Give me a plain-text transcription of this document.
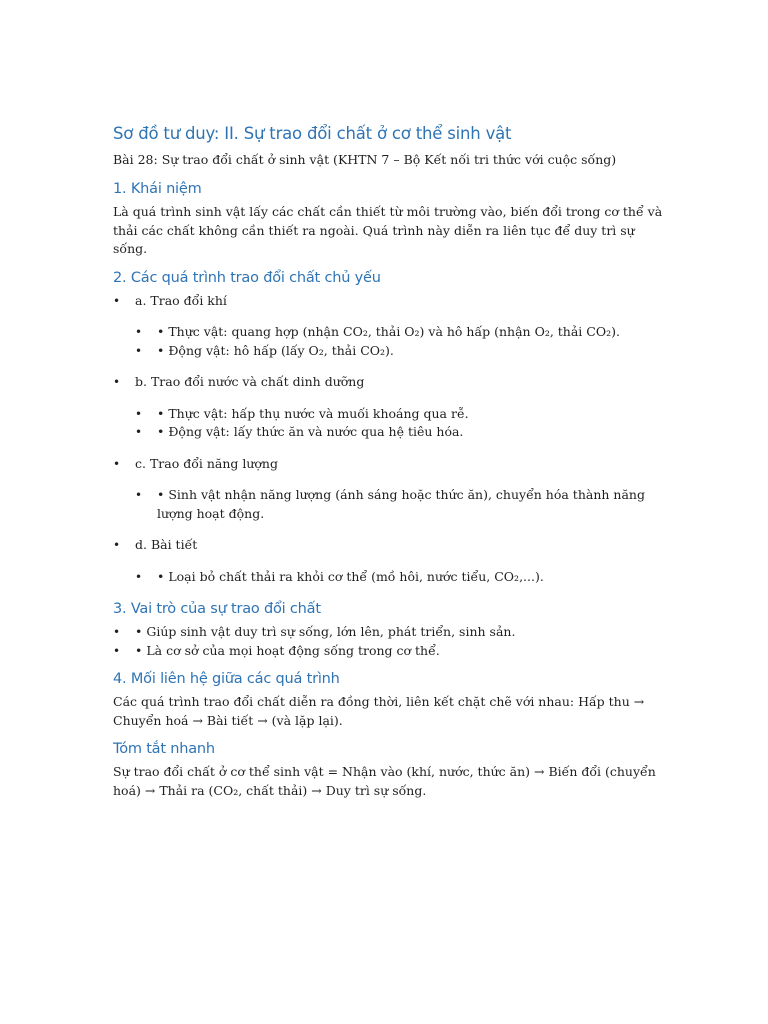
Sơ đồ tư duy: II. Sự trao đổi chất ở cơ thể sinh vật
Bài 28: Sự trao đổi chất ở sinh vật (KHTN 7 – Bộ Kết nối tri thức với cuộc sống)
1. Khái niệm

Là quá trình sinh vật lấy các chất cần thiết từ môi trường vào, biến đổi trong cơ thể và thải các chất không cần thiết ra ngoài. Quá trình này diễn ra liên tục để duy trì sự sống.

2. Các quá trình trao đổi chất chủ yếu
• a. Trao đổi khí
• • Thực vật: quang hợp (nhận CO₂, thải O₂) và hô hấp (nhận O₂, thải CO₂).
• • Động vật: hô hấp (lấy O₂, thải CO₂).
• b. Trao đổi nước và chất dinh dưỡng
• • Thực vật: hấp thụ nước và muối khoáng qua rễ.
• • Động vật: lấy thức ăn và nước qua hệ tiêu hóa.
• c. Trao đổi năng lượng
• • Sinh vật nhận năng lượng (ánh sáng hoặc thức ăn), chuyển hóa thành năng lượng hoạt động.
• d. Bài tiết
• • Loại bỏ chất thải ra khỏi cơ thể (mồ hôi, nước tiểu, CO₂,...).
3. Vai trò của sự trao đổi chất
• • Giúp sinh vật duy trì sự sống, lớn lên, phát triển, sinh sản.
• • Là cơ sở của mọi hoạt động sống trong cơ thể.
4. Mối liên hệ giữa các quá trình

Các quá trình trao đổi chất diễn ra đồng thời, liên kết chặt chẽ với nhau: Hấp thu → Chuyển hoá → Bài tiết → (và lặp lại).

Tóm tắt nhanh

Sự trao đổi chất ở cơ thể sinh vật = Nhận vào (khí, nước, thức ăn) → Biến đổi (chuyển hoá) → Thải ra (CO₂, chất thải) → Duy trì sự sống.
